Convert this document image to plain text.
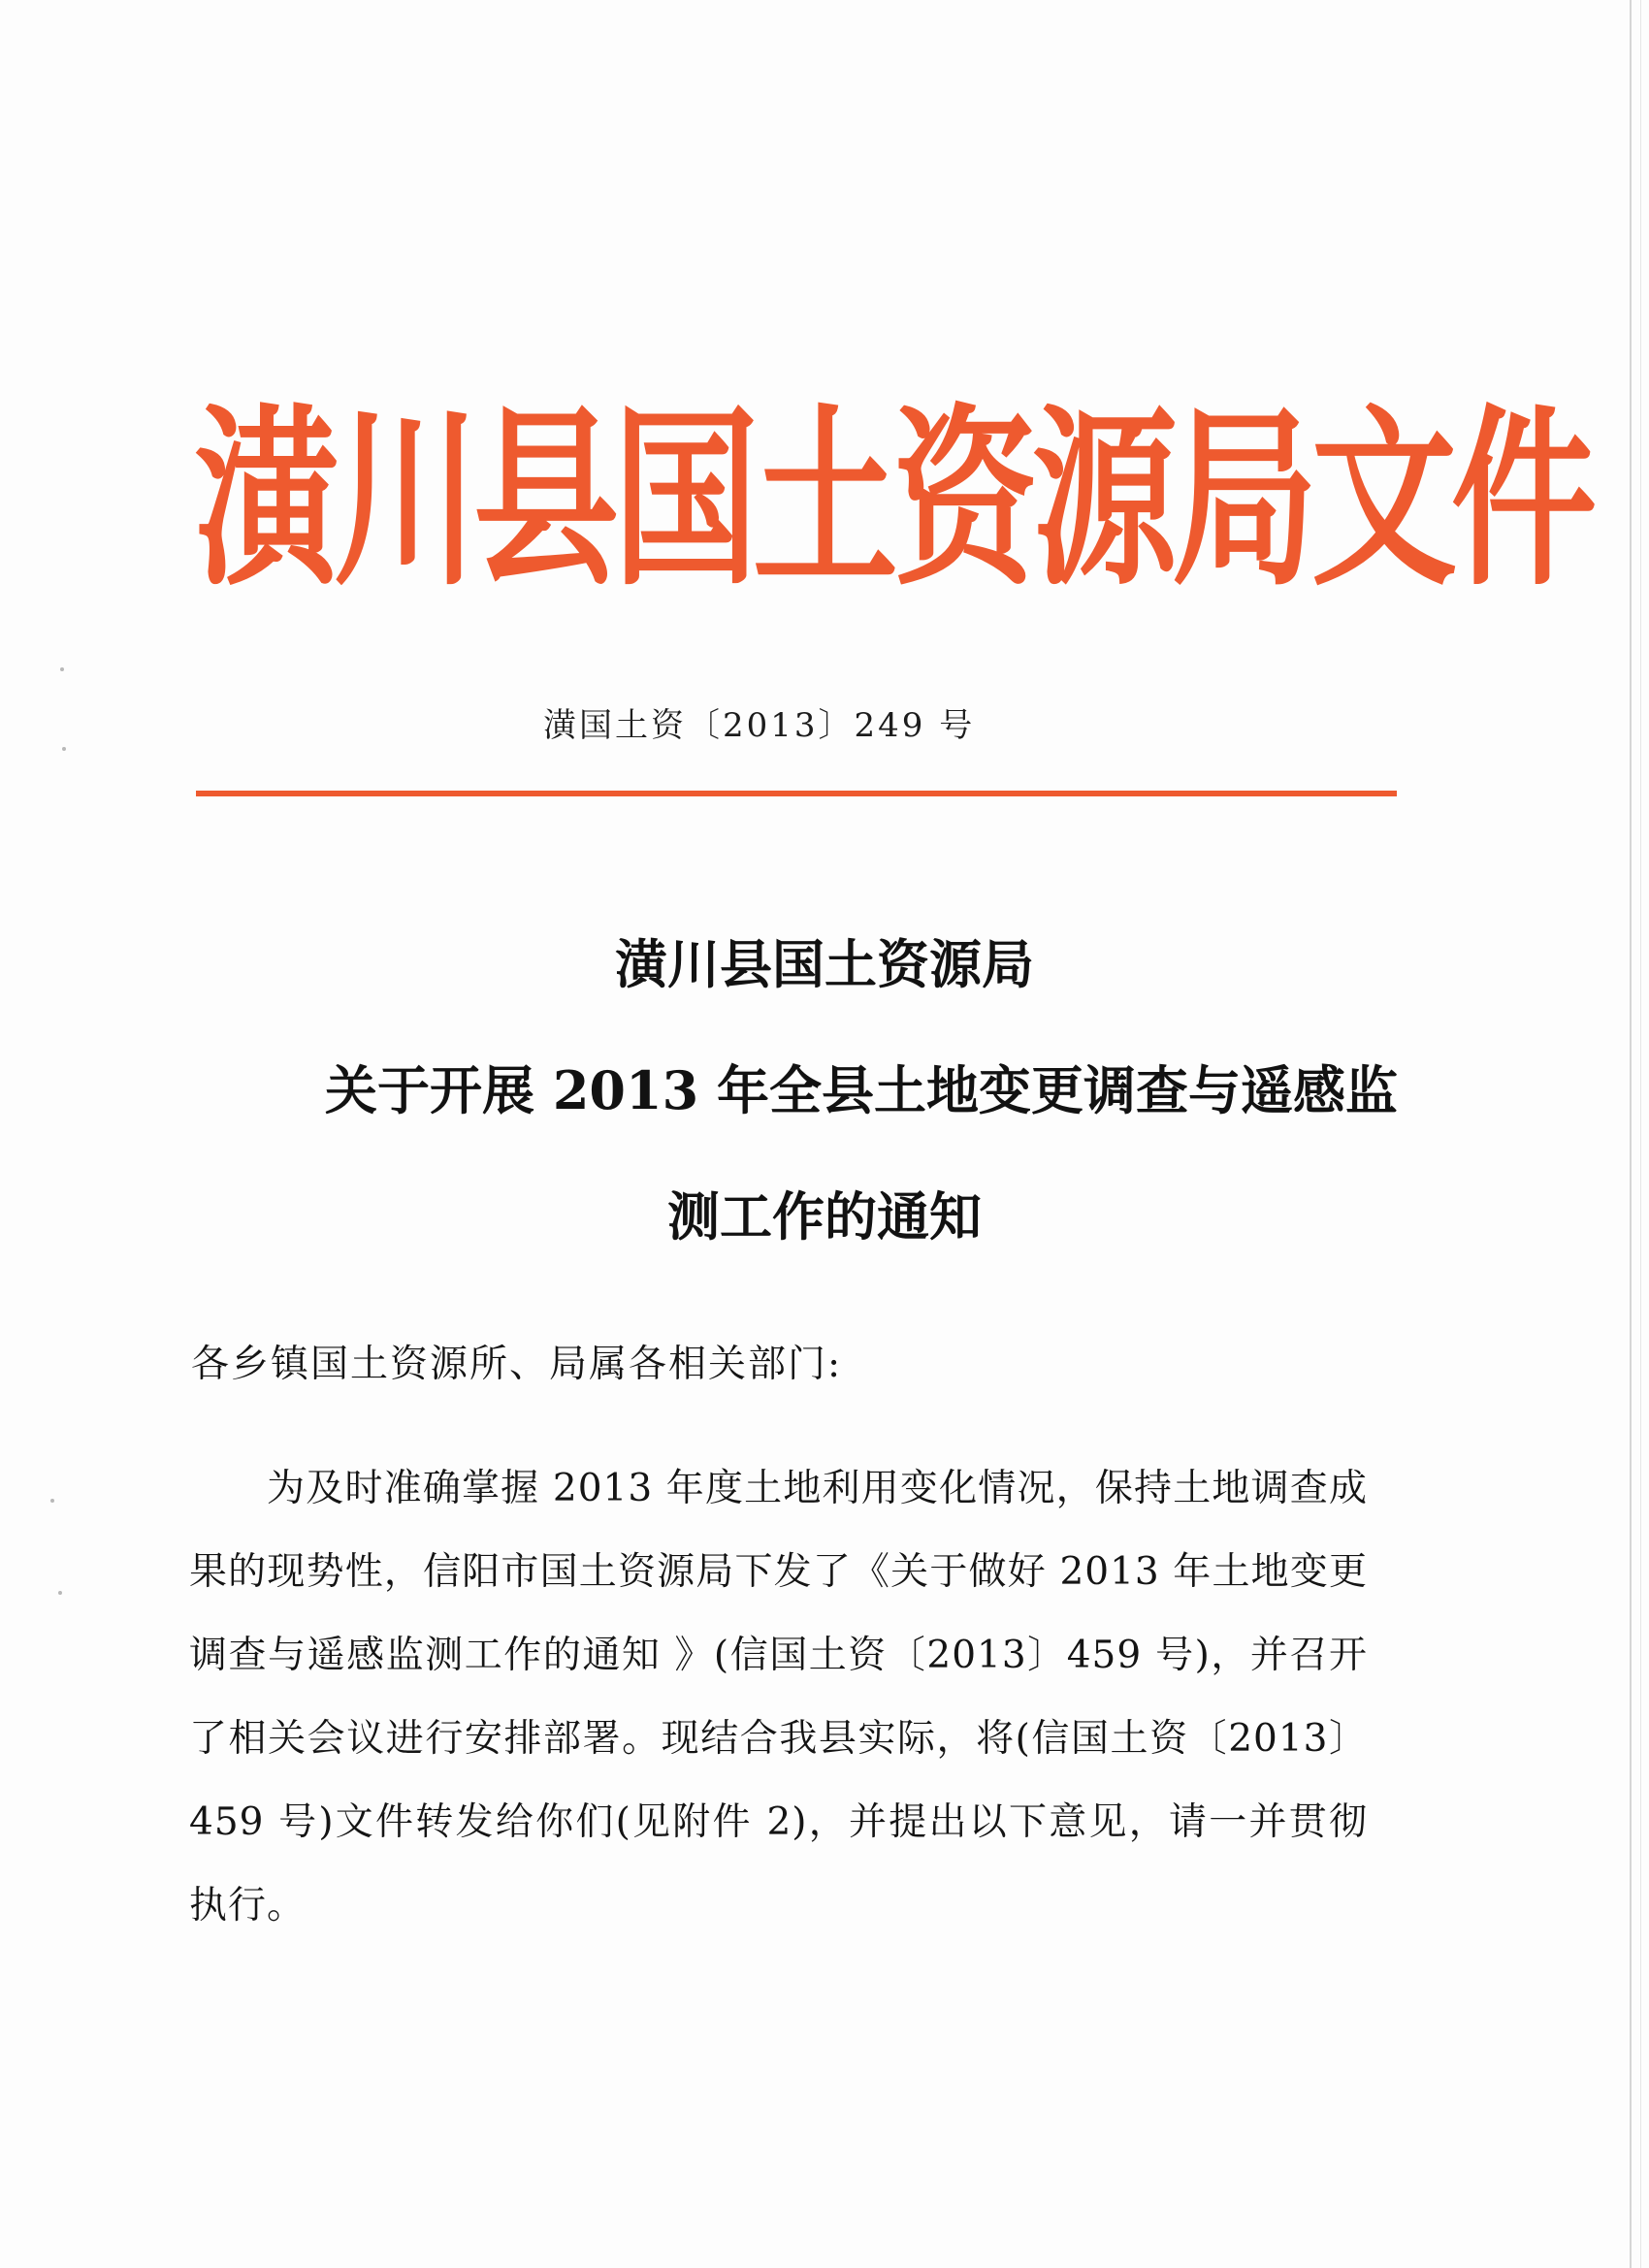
潢川县国土资源局文件
潢国土资〔2013〕249 号
潢川县国土资源局
关于开展 2013 年全县土地变更调查与遥感监
测工作的通知
各乡镇国土资源所、局属各相关部门:
为及时准确掌握 2013 年度土地利用变化情况，保持土地调查成果的现势性，信阳市国土资源局下发了《关于做好 2013 年土地变更调查与遥感监测工作的通知 》(信国土资〔2013〕459 号)，并召开了相关会议进行安排部署。现结合我县实际，将(信国土资〔2013〕459 号)文件转发给你们(见附件 2)，并提出以下意见，请一并贯彻执行。
